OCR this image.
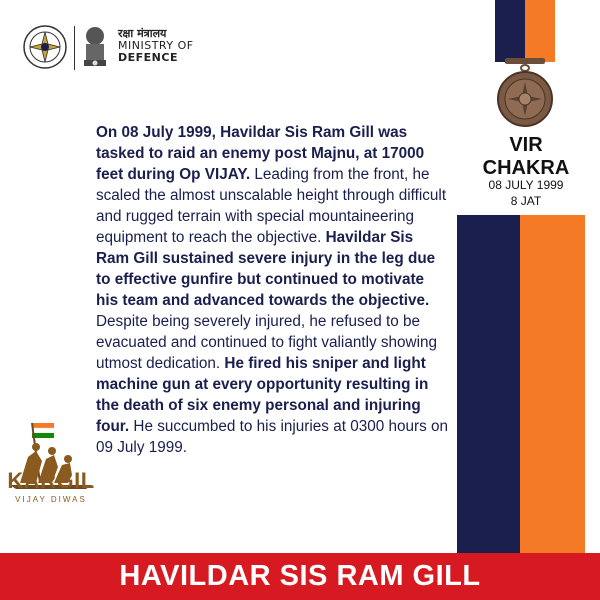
रक्षा मंत्रालय
MINISTRY OF
DEFENCE
VIR
CHAKRA
08 JULY 1999
8 JAT
On 08 July 1999, Havildar Sis Ram Gill was tasked to raid an enemy post Majnu, at 17000 feet during Op VIJAY. Leading from the front, he scaled the almost unscalable height through difficult and rugged terrain with special mountaineering equipment to reach the objective. Havildar Sis Ram Gill sustained severe injury in the leg due to effective gunfire but continued to motivate his team and advanced towards the objective. Despite being severely injured, he refused to be evacuated and continued to fight valiantly showing utmost dedication. He fired his sniper and light machine gun at every opportunity resulting in the death of six enemy personal and injuring four. He succumbed to his injuries at 0300 hours on 09 July 1999.
KARGIL
VIJAY DIWAS
HAVILDAR SIS RAM GILL
